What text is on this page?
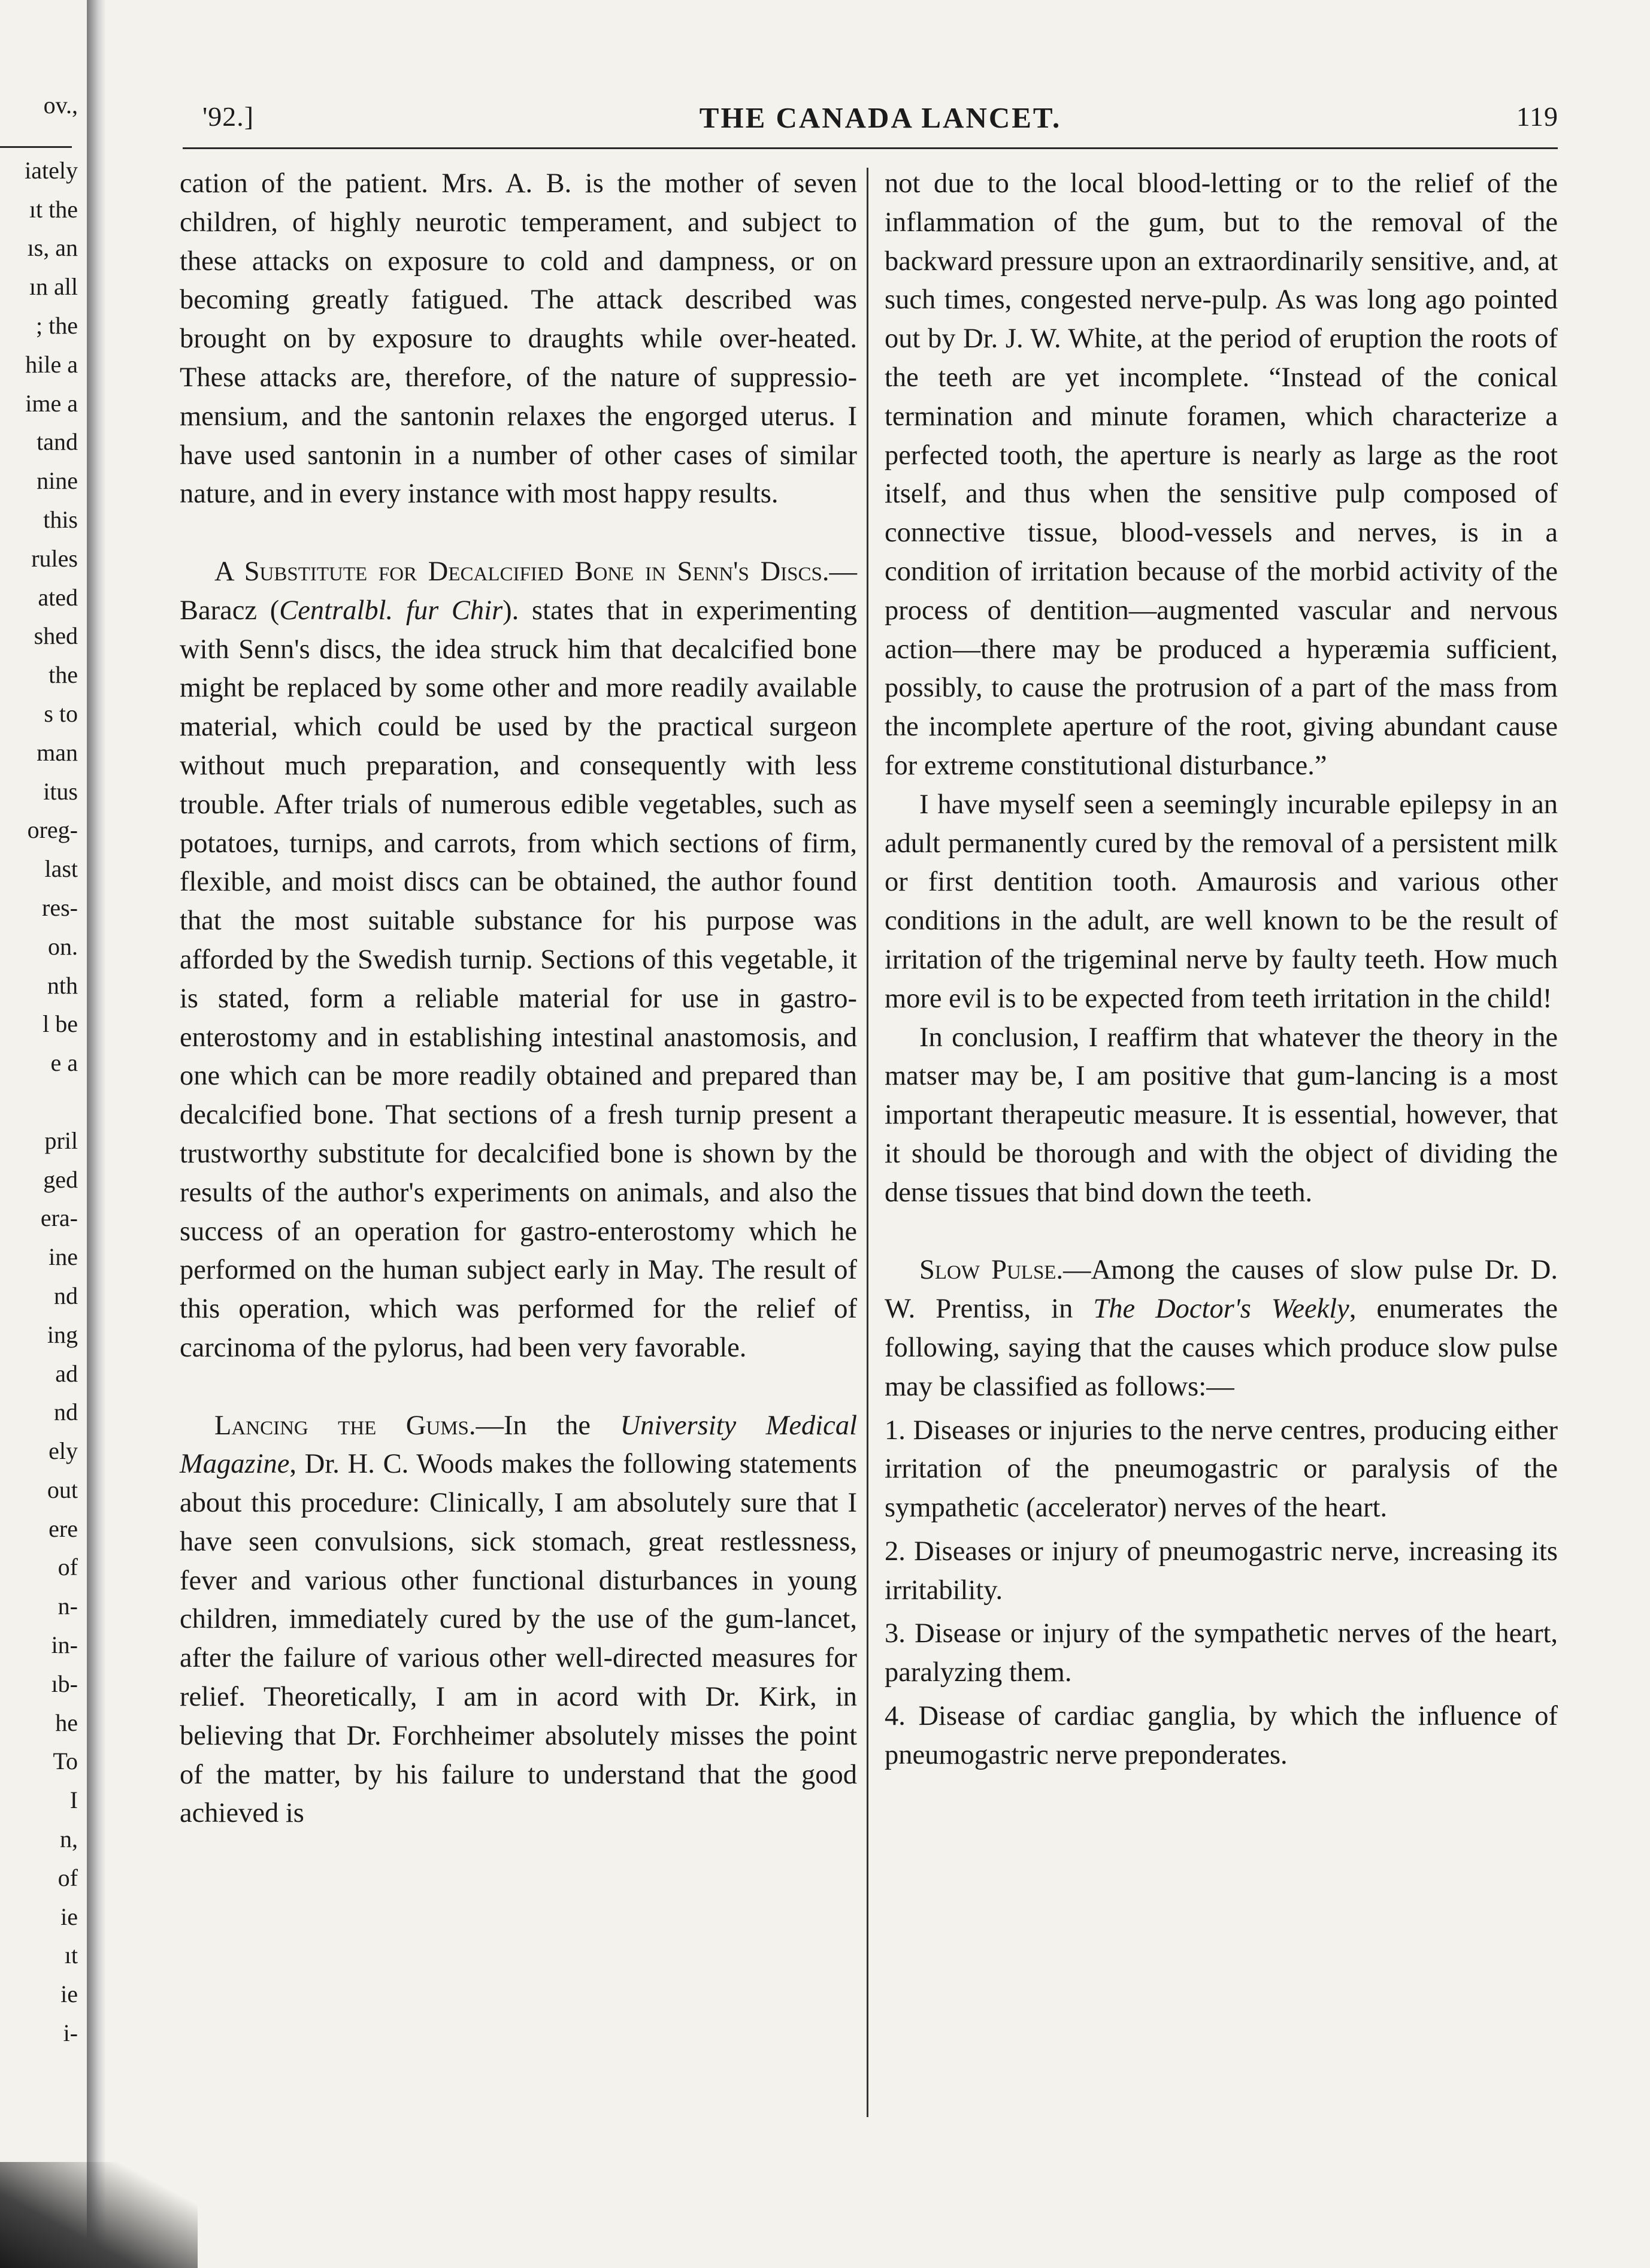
ov.,
iately
ıt the
ıs, an
ın all
; the
hile a
ime a
tand
nine
this
rules
ated
shed
the
s to
man
itus
oreg-
last
res-
on.
nth
l be
e a
pril
ged
era-
ine
nd
ing
ad
nd
ely
out
ere
of
n-
in-
ıb-
he
To
I
n,
of
ie
ıt
ie
i-
'92.]	THE CANADA LANCET.	119

cation of the patient. Mrs. A. B. is the mother of seven children, of highly neurotic temperament, and subject to these attacks on exposure to cold and dampness, or on becoming greatly fatigued. The attack described was brought on by exposure to draughts while over-heated. These attacks are, therefore, of the nature of suppressio-mensium, and the santonin relaxes the engorged uterus. I have used santonin in a number of other cases of similar nature, and in every instance with most happy results.

A Substitute for Decalcified Bone in Senn's Discs.—Baracz (Centralbl. fur Chir). states that in experimenting with Senn's discs, the idea struck him that decalcified bone might be replaced by some other and more readily available material, which could be used by the practical surgeon without much preparation, and consequently with less trouble. After trials of numerous edible vegetables, such as potatoes, turnips, and carrots, from which sections of firm, flexible, and moist discs can be obtained, the author found that the most suitable substance for his purpose was afforded by the Swedish turnip. Sections of this vegetable, it is stated, form a reliable material for use in gastro-enterostomy and in establishing intestinal anastomosis, and one which can be more readily obtained and prepared than decalcified bone. That sections of a fresh turnip present a trustworthy substitute for decalcified bone is shown by the results of the author's experiments on animals, and also the success of an operation for gastro-enterostomy which he performed on the human subject early in May. The result of this operation, which was performed for the relief of carcinoma of the pylorus, had been very favorable.

Lancing the Gums.—In the University Medical Magazine, Dr. H. C. Woods makes the following statements about this procedure: Clinically, I am absolutely sure that I have seen convulsions, sick stomach, great restlessness, fever and various other functional disturbances in young children, immediately cured by the use of the gum-lancet, after the failure of various other well-directed measures for relief. Theoretically, I am in acord with Dr. Kirk, in believing that Dr. Forchheimer absolutely misses the point of the matter, by his failure to understand that the good achieved is

not due to the local blood-letting or to the relief of the inflammation of the gum, but to the removal of the backward pressure upon an extraordinarily sensitive, and, at such times, congested nerve-pulp. As was long ago pointed out by Dr. J. W. White, at the period of eruption the roots of the teeth are yet incomplete. “Instead of the conical termination and minute foramen, which characterize a perfected tooth, the aperture is nearly as large as the root itself, and thus when the sensitive pulp composed of connective tissue, blood-vessels and nerves, is in a condition of irritation because of the morbid activity of the process of dentition—augmented vascular and nervous action—there may be produced a hyperæmia sufficient, possibly, to cause the protrusion of a part of the mass from the incomplete aperture of the root, giving abundant cause for extreme constitutional disturbance.”

I have myself seen a seemingly incurable epilepsy in an adult permanently cured by the removal of a persistent milk or first dentition tooth. Amaurosis and various other conditions in the adult, are well known to be the result of irritation of the trigeminal nerve by faulty teeth. How much more evil is to be expected from teeth irritation in the child!

In conclusion, I reaffirm that whatever the theory in the matser may be, I am positive that gum-lancing is a most important therapeutic measure. It is essential, however, that it should be thorough and with the object of dividing the dense tissues that bind down the teeth.

Slow Pulse.—Among the causes of slow pulse Dr. D. W. Prentiss, in The Doctor's Weekly, enumerates the following, saying that the causes which produce slow pulse may be classified as follows:—

1. Diseases or injuries to the nerve centres, producing either irritation of the pneumogastric or paralysis of the sympathetic (accelerator) nerves of the heart.

2. Diseases or injury of pneumogastric nerve, increasing its irritability.

3. Disease or injury of the sympathetic nerves of the heart, paralyzing them.

4. Disease of cardiac ganglia, by which the influence of pneumogastric nerve preponderates.
